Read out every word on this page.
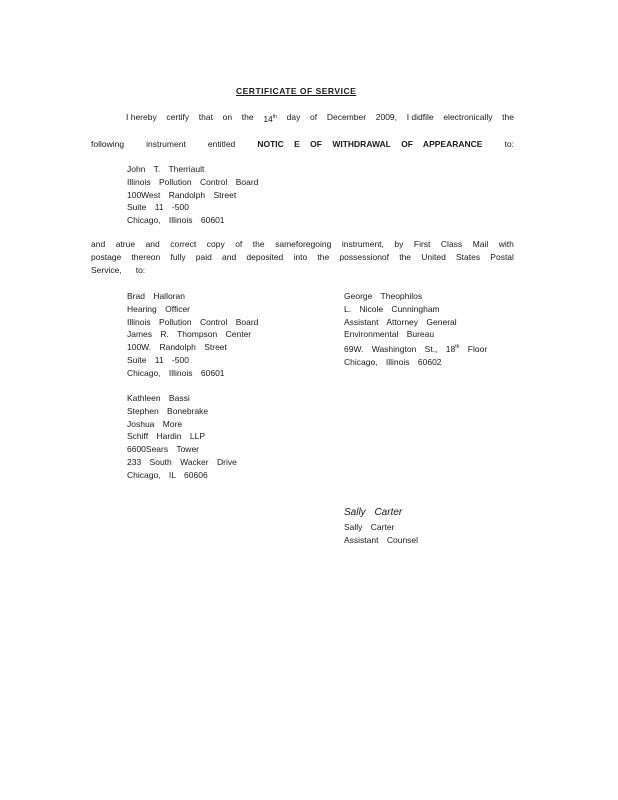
CERTIFICATE OF SERVICE
I hereby certify that on the 14th day of December 2009, I didfile electronically the
following	instrument	entitled	NOTIC E OF WITHDRAWAL OF APPEARANCE	to:
John T. Therriault
Illinois Pollution Control Board
100West Randolph Street
Suite 11 -500
Chicago, Illinois 60601
and atrue and correct copy of the sameforegoing instrument, by First Class Mail with
postage thereon fully paid and deposited into the possessionof the United States Postal
Service, to:
Brad Halloran
Hearing Officer
Illinois Pollution Control Board
James R. Thompson Center
100W. Randolph Street
Suite 11 -500
Chicago, Illinois 60601
Kathleen Bassi
Stephen Bonebrake
Joshua More
Schiff Hardin LLP
6600Sears Tower
233 South Wacker Drive
Chicago, IL 60606
George Theophilos
L. Nicole Cunningham
Assistant Attorney General
Environmental Bureau
69W. Washington St., 18th Floor
Chicago, Illinois 60602
Sally Carter
Sally Carter
Assistant Counsel
